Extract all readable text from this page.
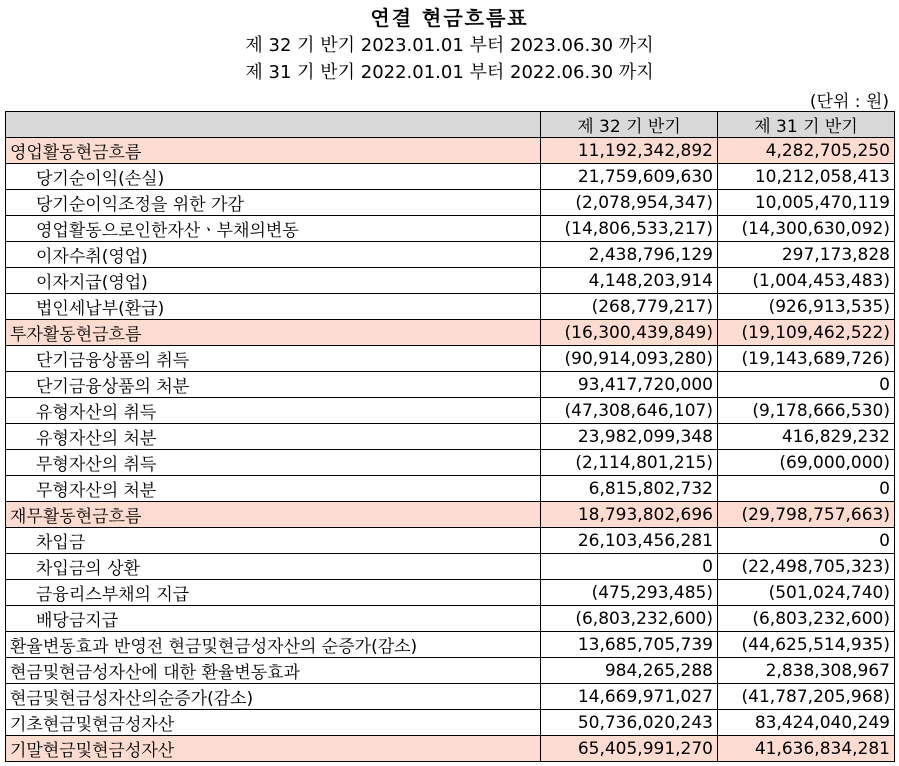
연결 현금흐름표
제 32 기 반기 2023.01.01 부터 2023.06.30 까지
제 31 기 반기 2022.01.01 부터 2022.06.30 까지
(단위 : 원)
	제 32 기 반기	제 31 기 반기
영업활동현금흐름	11,192,342,892	4,282,705,250
당기순이익(손실)	21,759,609,630	10,212,058,413
당기순이익조정을 위한 가감	(2,078,954,347)	10,005,470,119
영업활동으로인한자산ㆍ부채의변동	(14,806,533,217)	(14,300,630,092)
이자수취(영업)	2,438,796,129	297,173,828
이자지급(영업)	4,148,203,914	(1,004,453,483)
법인세납부(환급)	(268,779,217)	(926,913,535)
투자활동현금흐름	(16,300,439,849)	(19,109,462,522)
단기금융상품의 취득	(90,914,093,280)	(19,143,689,726)
단기금융상품의 처분	93,417,720,000	0
유형자산의 취득	(47,308,646,107)	(9,178,666,530)
유형자산의 처분	23,982,099,348	416,829,232
무형자산의 취득	(2,114,801,215)	(69,000,000)
무형자산의 처분	6,815,802,732	0
재무활동현금흐름	18,793,802,696	(29,798,757,663)
차입금	26,103,456,281	0
차입금의 상환	0	(22,498,705,323)
금융리스부채의 지급	(475,293,485)	(501,024,740)
배당금지급	(6,803,232,600)	(6,803,232,600)
환율변동효과 반영전 현금및현금성자산의 순증가(감소)	13,685,705,739	(44,625,514,935)
현금및현금성자산에 대한 환율변동효과	984,265,288	2,838,308,967
현금및현금성자산의순증가(감소)	14,669,971,027	(41,787,205,968)
기초현금및현금성자산	50,736,020,243	83,424,040,249
기말현금및현금성자산	65,405,991,270	41,636,834,281
